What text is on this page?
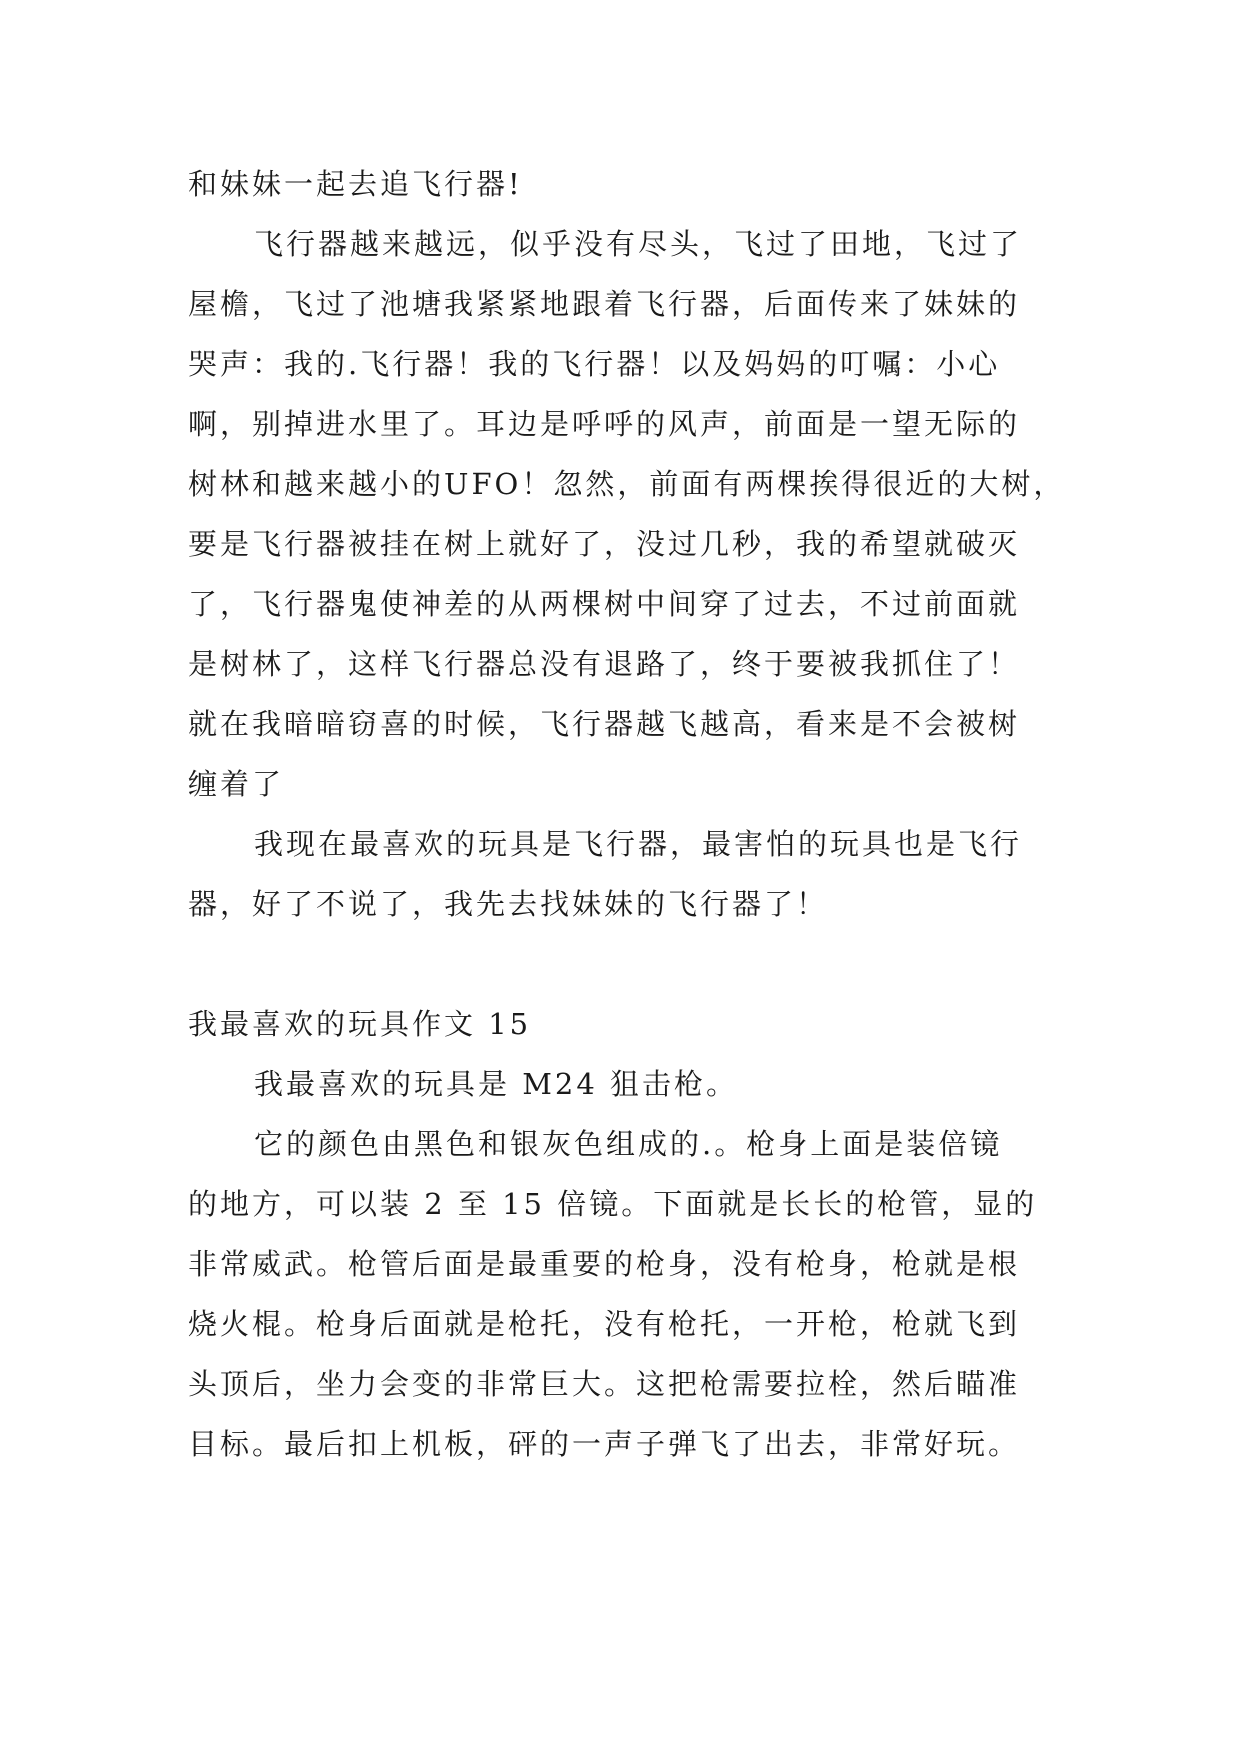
和妹妹一起去追飞行器!
飞行器越来越远，似乎没有尽头，飞过了田地，飞过了
屋檐，飞过了池塘我紧紧地跟着飞行器，后面传来了妹妹的
哭声：我的.飞行器！我的飞行器！以及妈妈的叮嘱：小心
啊，别掉进水里了。耳边是呼呼的风声，前面是一望无际的
树林和越来越小的UFO！忽然，前面有两棵挨得很近的大树，
要是飞行器被挂在树上就好了，没过几秒，我的希望就破灭
了，飞行器鬼使神差的从两棵树中间穿了过去，不过前面就
是树林了，这样飞行器总没有退路了，终于要被我抓住了！
就在我暗暗窃喜的时候，飞行器越飞越高，看来是不会被树
缠着了
我现在最喜欢的玩具是飞行器，最害怕的玩具也是飞行
器，好了不说了，我先去找妹妹的飞行器了！
我最喜欢的玩具作文 15
我最喜欢的玩具是 M24 狙击枪。
它的颜色由黑色和银灰色组成的.。枪身上面是装倍镜
的地方，可以装 2 至 15 倍镜。下面就是长长的枪管，显的
非常威武。枪管后面是最重要的枪身，没有枪身，枪就是根
烧火棍。枪身后面就是枪托，没有枪托，一开枪，枪就飞到
头顶后，坐力会变的非常巨大。这把枪需要拉栓，然后瞄准
目标。最后扣上机板，砰的一声子弹飞了出去，非常好玩。
